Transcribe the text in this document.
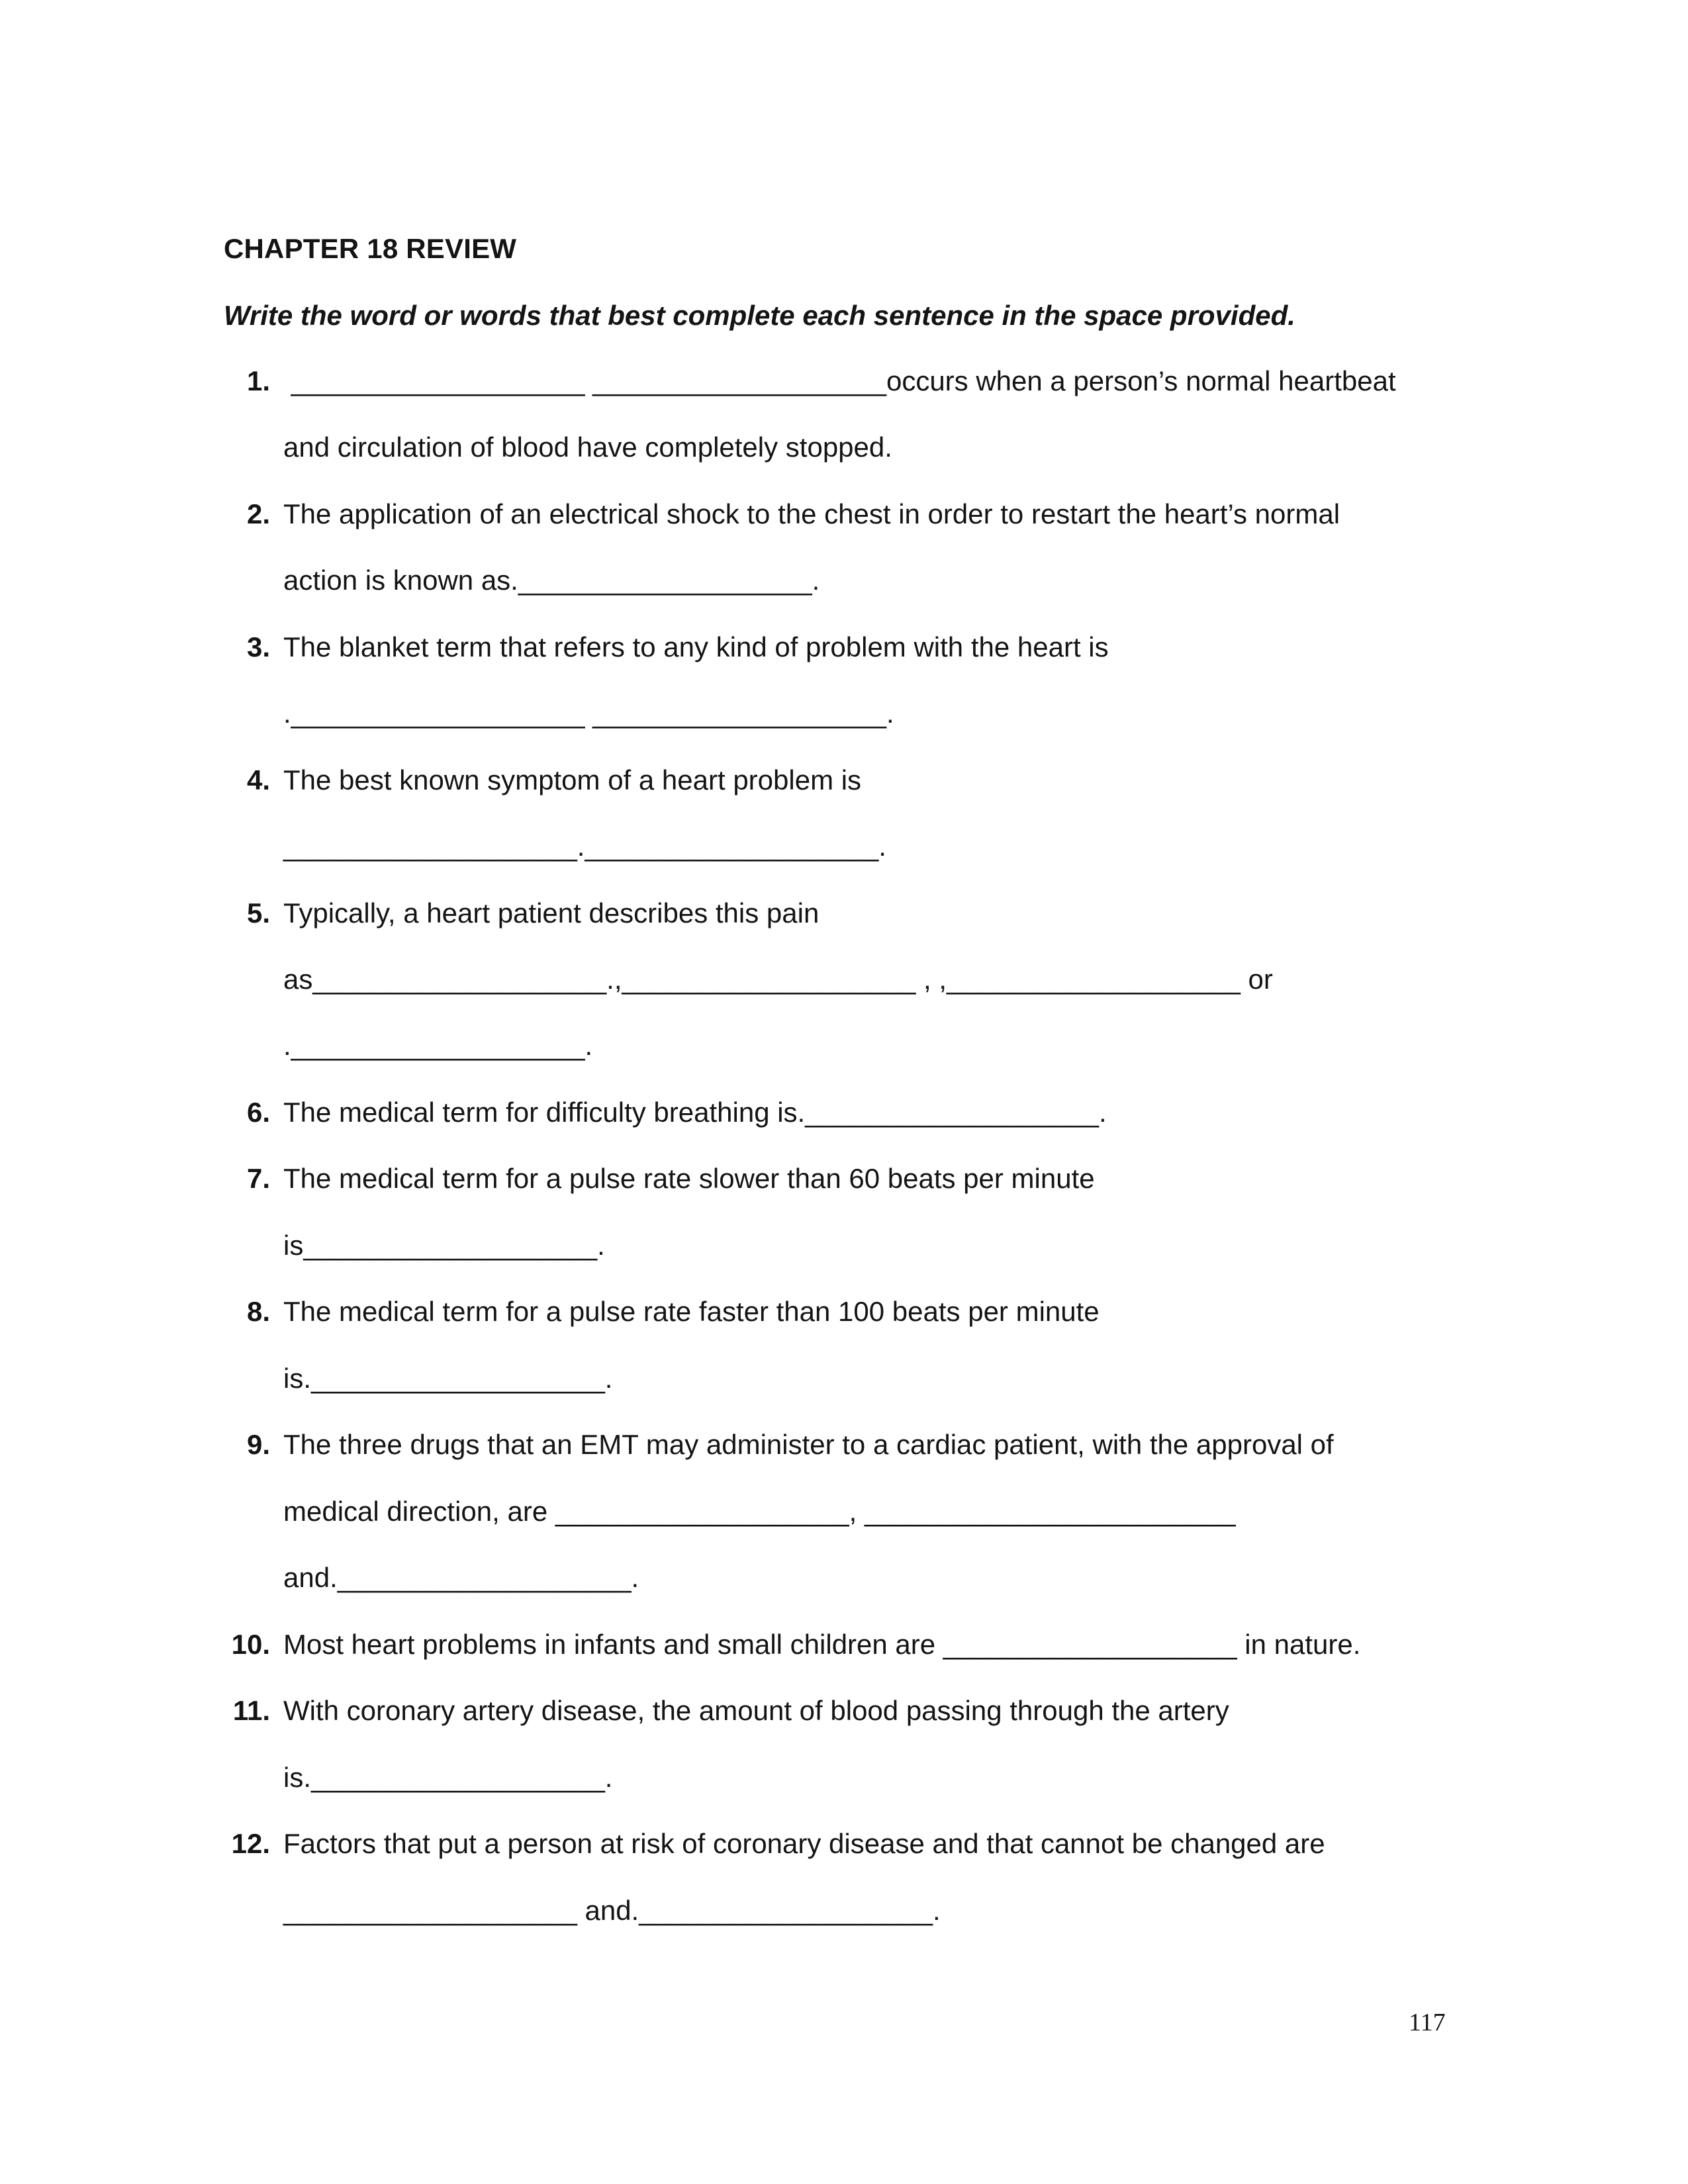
CHAPTER 18 REVIEW
Write the word or words that best complete each sentence in the space provided.
1. ___________________ ___________________occurs when a person’s normal heartbeat
and circulation of blood have completely stopped.
2. The application of an electrical shock to the chest in order to restart the heart’s normal
action is known as.___________________.
3. The blanket term that refers to any kind of problem with the heart is
.___________________ ___________________.
4. The best known symptom of a heart problem is
___________________.___________________.
5. Typically, a heart patient describes this pain
as___________________.,___________________ , ,___________________ or
.___________________.
6. The medical term for difficulty breathing is.___________________.
7. The medical term for a pulse rate slower than 60 beats per minute
is___________________.
8. The medical term for a pulse rate faster than 100 beats per minute
is.___________________.
9. The three drugs that an EMT may administer to a cardiac patient, with the approval of
medical direction, are ___________________, ________________________
and.___________________.
10. Most heart problems in infants and small children are ___________________ in nature.
11. With coronary artery disease, the amount of blood passing through the artery
is.___________________.
12. Factors that put a person at risk of coronary disease and that cannot be changed are
___________________ and.___________________.
117
